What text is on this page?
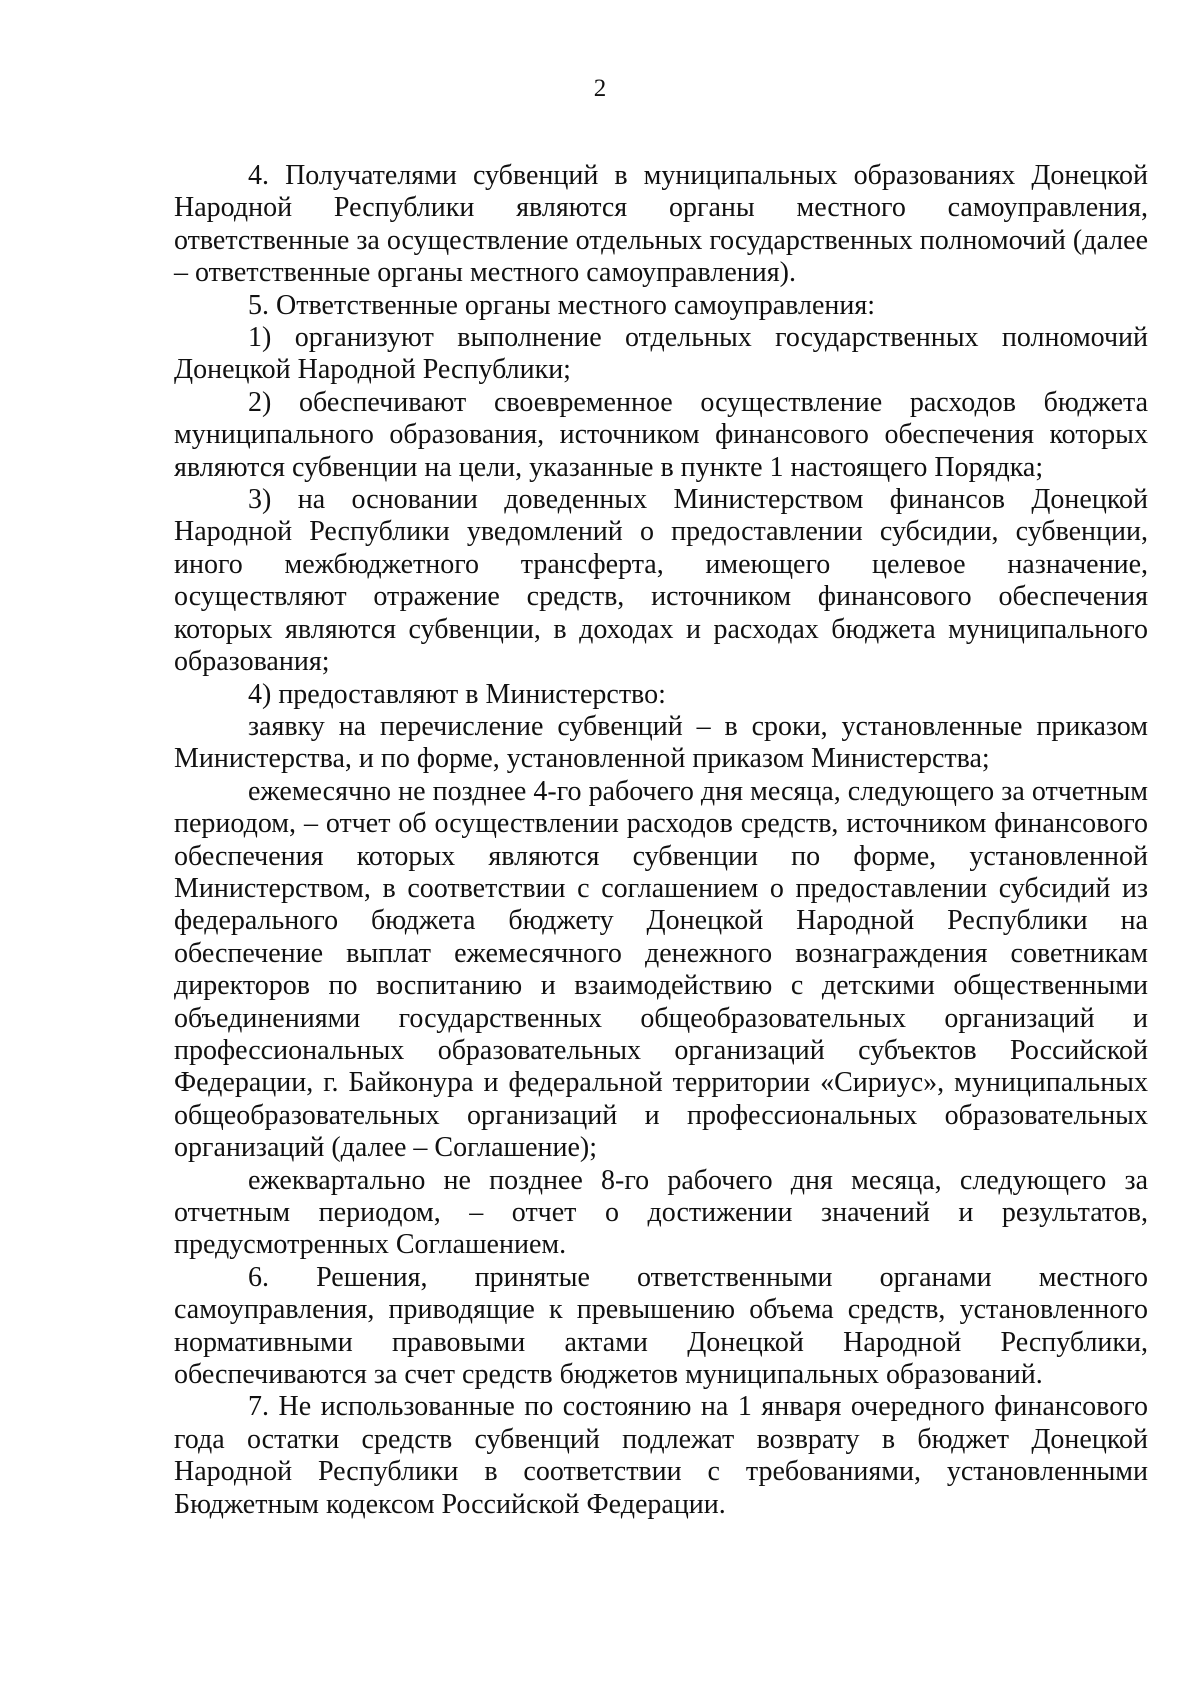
2

4. Получателями субвенций в муниципальных образованиях Донецкой Народной Республики являются органы местного самоуправления, ответственные за осуществление отдельных государственных полномочий (далее – ответственные органы местного самоуправления).

5. Ответственные органы местного самоуправления:

1) организуют выполнение отдельных государственных полномочий Донецкой Народной Республики;

2) обеспечивают своевременное осуществление расходов бюджета муниципального образования, источником финансового обеспечения которых являются субвенции на цели, указанные в пункте 1 настоящего Порядка;

3) на основании доведенных Министерством финансов Донецкой Народной Республики уведомлений о предоставлении субсидии, субвенции, иного межбюджетного трансферта, имеющего целевое назначение, осуществляют отражение средств, источником финансового обеспечения которых являются субвенции, в доходах и расходах бюджета муниципального образования;

4) предоставляют в Министерство:

заявку на перечисление субвенций – в сроки, установленные приказом Министерства, и по форме, установленной приказом Министерства;

ежемесячно не позднее 4-го рабочего дня месяца, следующего за отчетным периодом, – отчет об осуществлении расходов средств, источником финансового обеспечения которых являются субвенции по форме, установленной Министерством, в соответствии с соглашением о предоставлении субсидий из федерального бюджета бюджету Донецкой Народной Республики на обеспечение выплат ежемесячного денежного вознаграждения советникам директоров по воспитанию и взаимодействию с детскими общественными объединениями государственных общеобразовательных организаций и профессиональных образовательных организаций субъектов Российской Федерации, г. Байконура и федеральной территории «Сириус», муниципальных общеобразовательных организаций и профессиональных образовательных организаций (далее – Соглашение);

ежеквартально не позднее 8-го рабочего дня месяца, следующего за отчетным периодом, – отчет о достижении значений и результатов, предусмотренных Соглашением.

6. Решения, принятые ответственными органами местного самоуправления, приводящие к превышению объема средств, установленного нормативными правовыми актами Донецкой Народной Республики, обеспечиваются за счет средств бюджетов муниципальных образований.

7. Не использованные по состоянию на 1 января очередного финансового года остатки средств субвенций подлежат возврату в бюджет Донецкой Народной Республики в соответствии с требованиями, установленными Бюджетным кодексом Российской Федерации.
